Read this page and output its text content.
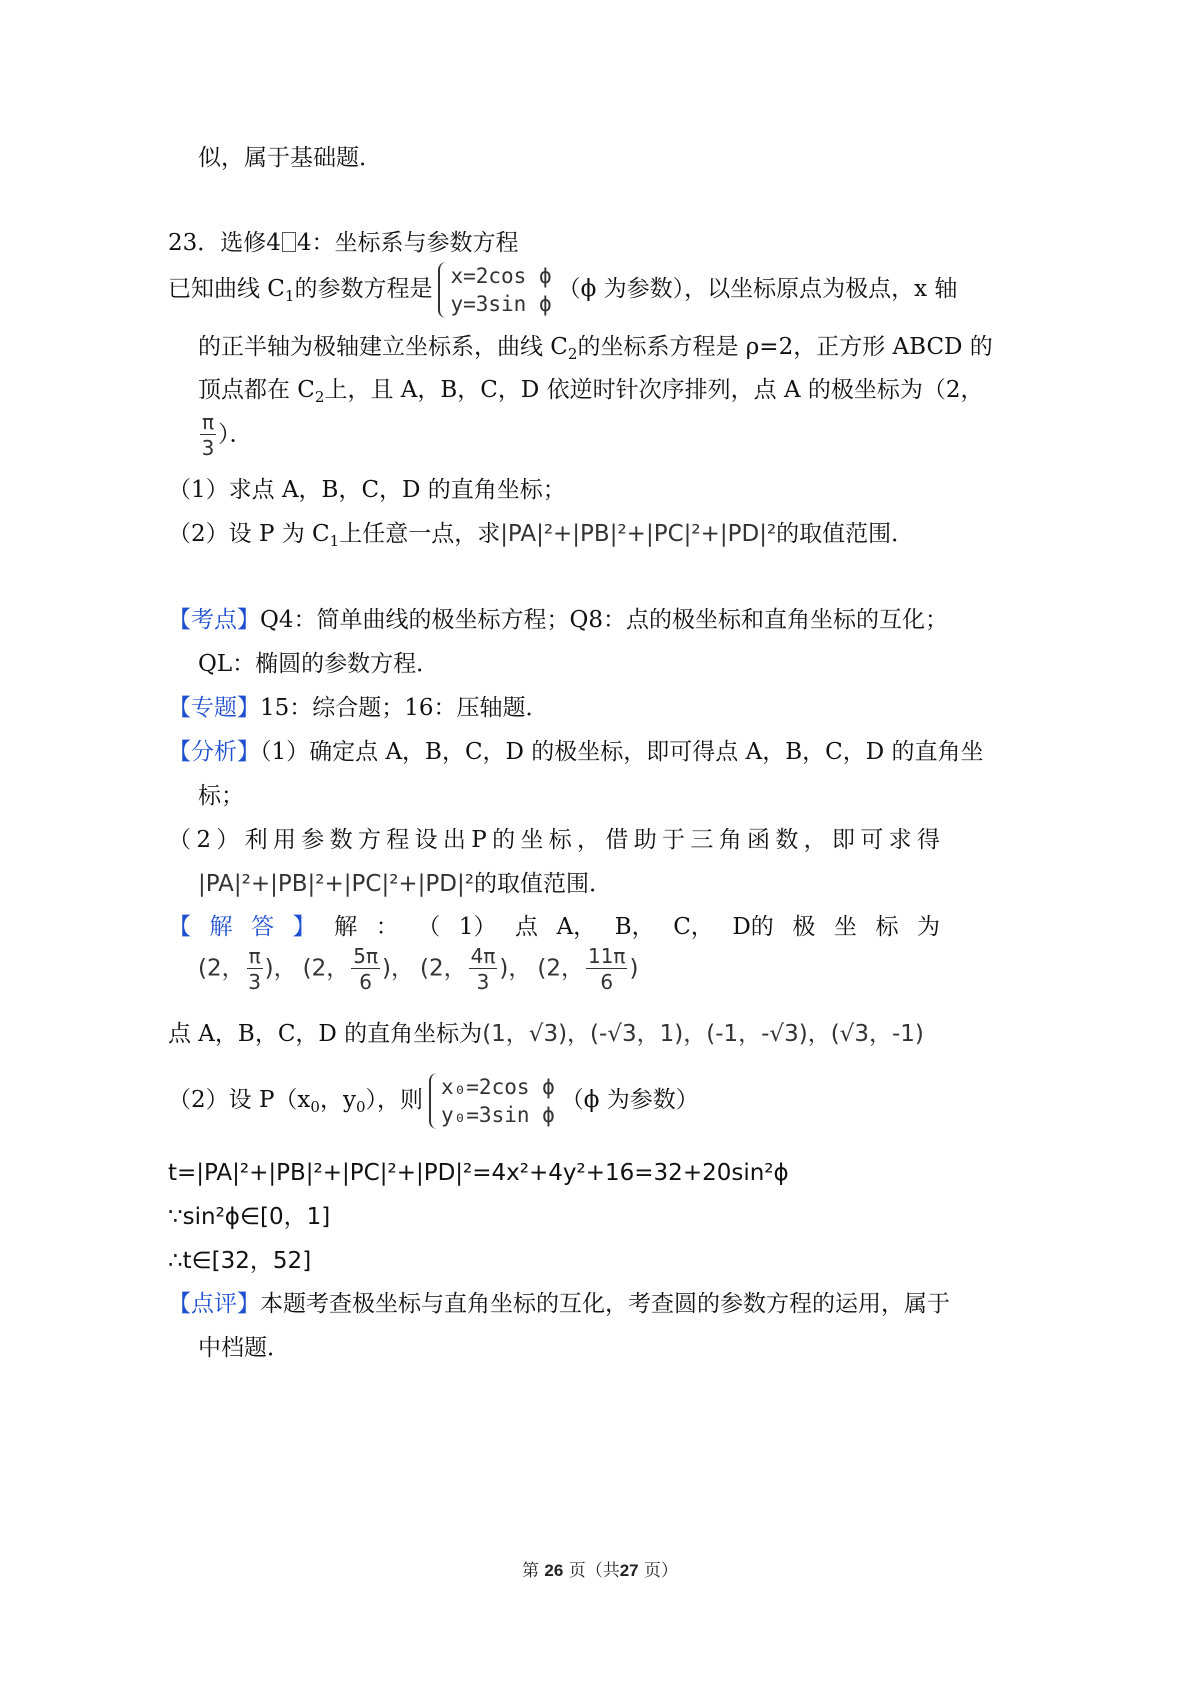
似，属于基础题．
23．选修4 4：坐标系与参数方程
已知曲线 $C_1$的参数方程是 x=2cos ϕ
y=3sin ϕ
（ϕ 为参数），以坐标原点为极点，x 轴
的正半轴为极轴建立坐标系，曲线 $C_2$的坐标系方程是 ρ=2，正方形 ABCD 的
顶点都在 $C_2$上，且 A，B，C，D 依逆时针次序排列，点 A 的极坐标为（2，
$\frac{\pi}{3}$ ）．
（1）求点 A，B，C，D 的直角坐标；
（2）设 P 为 $C_1$上任意一点，求|PA|²+|PB|²+|PC|²+|PD|²的取值范围．
【考点】Q4：简单曲线的极坐标方程；Q8：点的极坐标和直角坐标的互化；
QL：椭圆的参数方程．
【专题】15：综合题；16：压轴题．
【分析】（1）确定点 A，B，C，D 的极坐标，即可得点 A，B，C，D 的直角坐
标；
（ 2 ） 利 用 参 数 方 程 设 出 P 的 坐 标 ， 借 助 于 三 角 函 数 ， 即 可 求 得
|PA|²+|PB|²+|PC|²+|PD|²的取值范围．
【 解 答 】 解 ： （ 1） 点 A， B， C， D的 极 坐 标 为
(2， $\frac{\pi}{3}$ )， (2， $\frac{5\pi}{6}$ )， (2， $\frac{4\pi}{3}$ )， (2， $\frac{11\pi}{6}$ )
点 A，B，C，D 的直角坐标为(1，√3)，(-√3，1)，(-1，-√3)，(√3，-1)
（2）设 $P(x_0$，$y_0$），则 x₀=2cos ϕ
y₀=3sin ϕ
（ϕ 为参数）
t=|PA|²+|PB|²+|PC|²+|PD|²=4x²+4y²+16=32+20sin²ϕ
∵sin²ϕ∈[0，1]
∴t∈[32，52]
【点评】本题考查极坐标与直角坐标的互化，考查圆的参数方程的运用，属于
中档题．
第 26 页（共27 页）
